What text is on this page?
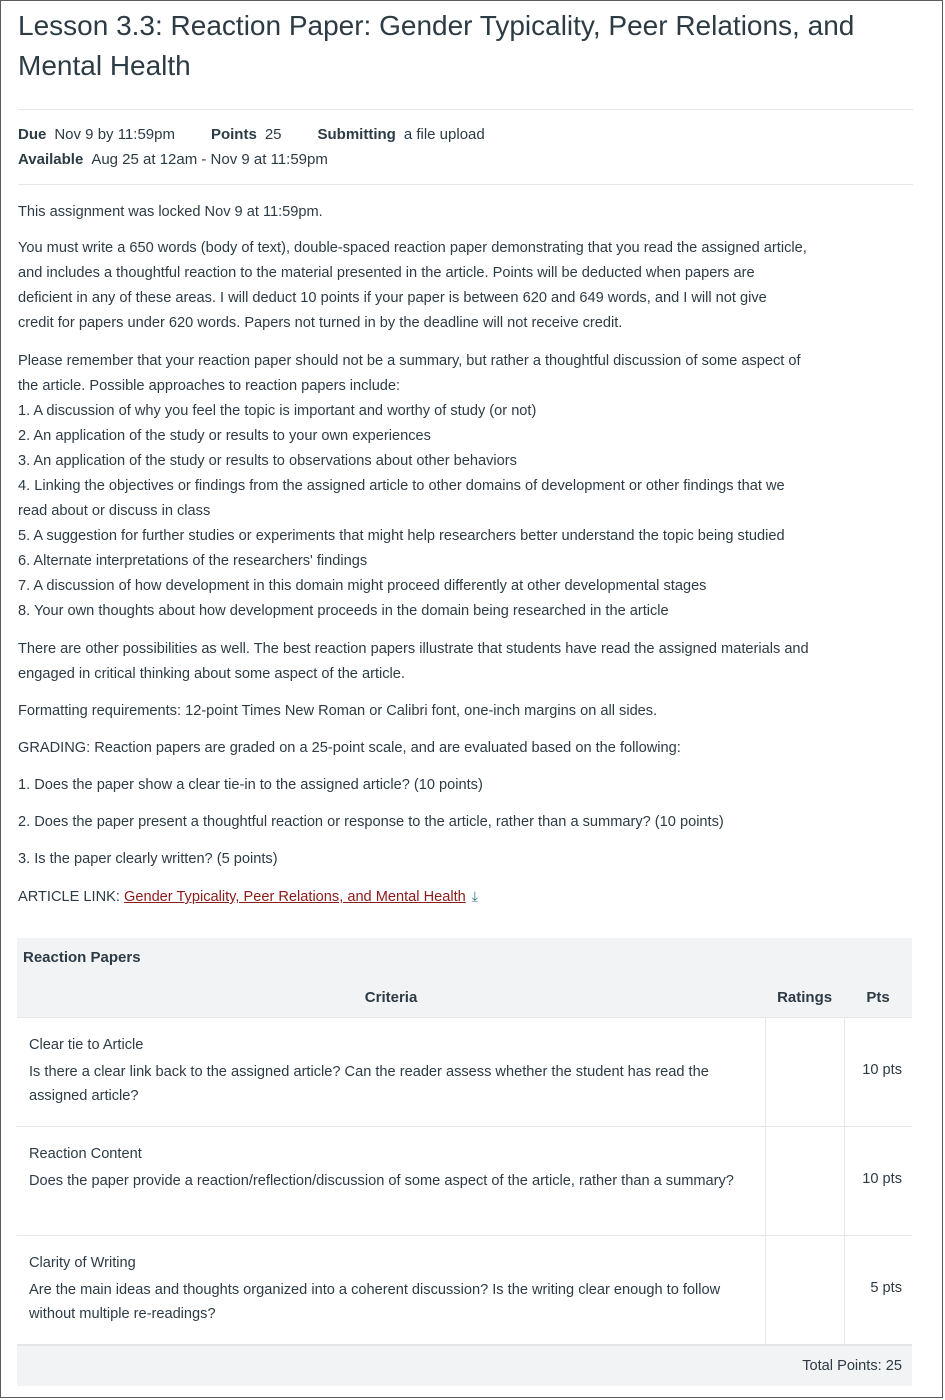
Lesson 3.3: Reaction Paper: Gender Typicality, Peer Relations, and Mental Health
Due Nov 9 by 11:59pm Points 25 Submitting a file upload
Available Aug 25 at 12am - Nov 9 at 11:59pm

This assignment was locked Nov 9 at 11:59pm.

You must write a 650 words (body of text), double-spaced reaction paper demonstrating that you read the assigned article,
and includes a thoughtful reaction to the material presented in the article. Points will be deducted when papers are
deficient in any of these areas. I will deduct 10 points if your paper is between 620 and 649 words, and I will not give
credit for papers under 620 words. Papers not turned in by the deadline will not receive credit.
Please remember that your reaction paper should not be a summary, but rather a thoughtful discussion of some aspect of
the article. Possible approaches to reaction papers include:
1. A discussion of why you feel the topic is important and worthy of study (or not)
2. An application of the study or results to your own experiences
3. An application of the study or results to observations about other behaviors
4. Linking the objectives or findings from the assigned article to other domains of development or other findings that we
read about or discuss in class
5. A suggestion for further studies or experiments that might help researchers better understand the topic being studied
6. Alternate interpretations of the researchers' findings
7. A discussion of how development in this domain might proceed differently at other developmental stages
8. Your own thoughts about how development proceeds in the domain being researched in the article
There are other possibilities as well. The best reaction papers illustrate that students have read the assigned materials and
engaged in critical thinking about some aspect of the article.

Formatting requirements: 12-point Times New Roman or Calibri font, one-inch margins on all sides.

GRADING: Reaction papers are graded on a 25-point scale, and are evaluated based on the following:

1. Does the paper show a clear tie-in to the assigned article? (10 points)

2. Does the paper present a thoughtful reaction or response to the article, rather than a summary? (10 points)

3. Is the paper clearly written? (5 points)

ARTICLE LINK: Gender Typicality, Peer Relations, and Mental Health ⤓

Reaction Papers
Criteria	Ratings	Pts

Clear tie to Article
Is there a clear link back to the assigned article? Can the reader assess whether the student has read the assigned article?		10 pts

Reaction Content
Does the paper provide a reaction/reflection/discussion of some aspect of the article, rather than a summary?		10 pts

Clarity of Writing
Are the main ideas and thoughts organized into a coherent discussion? Is the writing clear enough to follow without multiple re-readings?		5 pts
Total Points: 25
